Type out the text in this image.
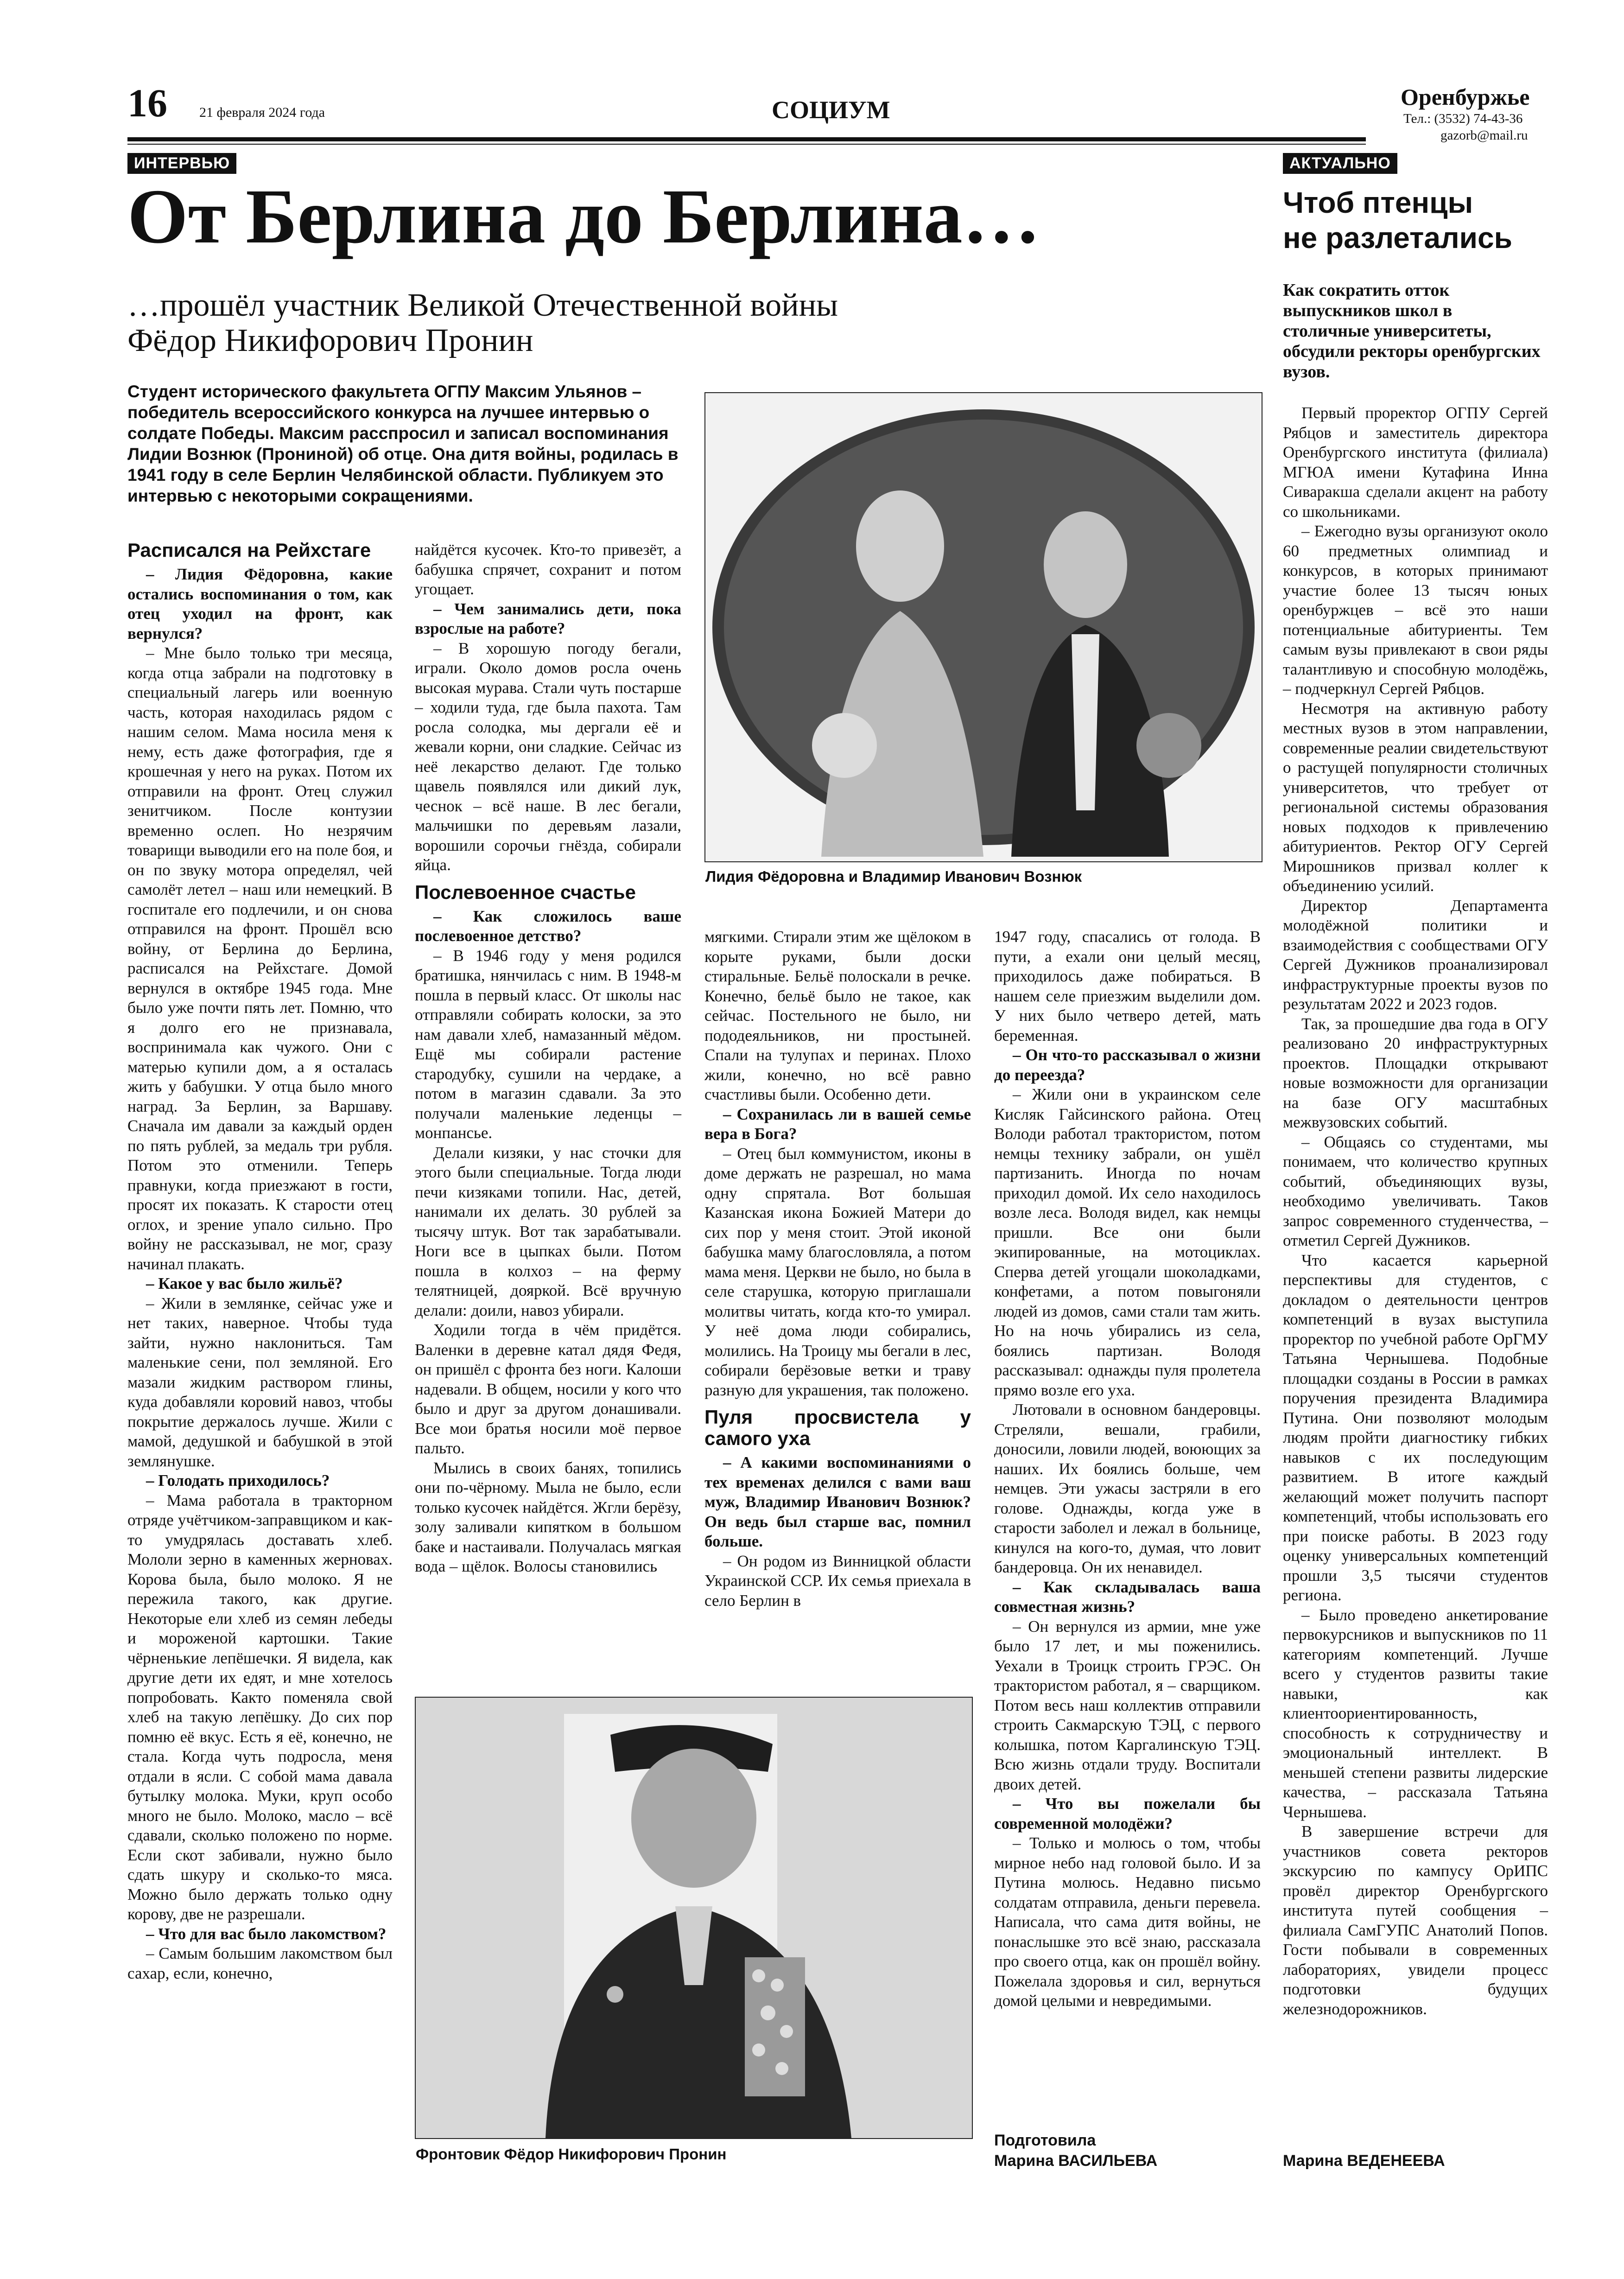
16 21 февраля 2024 года	СОЦИУМ	Оренбуржье
Тел.: (3532) 74-43-36
gazorb@mail.ru
ИНТЕРВЬЮ
От Берлина до Берлина…
…прошёл участник Великой Отечественной войны
Фёдор Никифорович Пронин
Студент исторического факультета ОГПУ Максим Ульянов – победитель всероссийского конкурса на лучшее интервью о солдате Победы. Максим расспросил и записал воспоминания Лидии Вознюк (Прониной) об отце. Она дитя войны, родилась в 1941 году в селе Берлин Челябинской области. Публикуем это интервью с некоторыми сокращениями.
Лидия Фёдоровна и Владимир Иванович Вознюк
Расписался на Рейхстаге

– Лидия Фёдоровна, какие остались воспоминания о том, как отец уходил на фронт, как вернулся?

– Мне было только три месяца, когда отца забрали на подготовку в специальный лагерь или военную часть, которая находилась рядом с нашим селом. Мама носила меня к нему, есть даже фотография, где я крошечная у него на руках. Потом их отправили на фронт. Отец служил зенитчиком. После контузии временно ослеп. Но незрячим товарищи выводили его на поле боя, и он по звуку мотора определял, чей самолёт летел – наш или немецкий. В госпитале его подлечили, и он снова отправился на фронт. Прошёл всю войну, от Берлина до Берлина, расписался на Рейхстаге. Домой вернулся в октябре 1945 года. Мне было уже почти пять лет. Помню, что я долго его не признавала, воспринимала как чужого. Они с матерью купили дом, а я осталась жить у бабушки. У отца было много наград. За Берлин, за Варшаву. Сначала им давали за каждый орден по пять рублей, за медаль три рубля. Потом это отменили. Теперь правнуки, когда приезжают в гости, просят их показать. К старости отец оглох, и зрение упало сильно. Про войну не рассказывал, не мог, сразу начинал плакать.

– Какое у вас было жильё?

– Жили в землянке, сейчас уже и нет таких, наверное. Чтобы туда зайти, нужно наклониться. Там маленькие сени, пол земляной. Его мазали жидким раствором глины, куда добавляли коровий навоз, чтобы покрытие держалось лучше. Жили с мамой, дедушкой и бабушкой в этой землянушке.

– Голодать приходилось?

– Мама работала в тракторном отряде учётчиком-заправщиком и как-то умудрялась доставать хлеб. Мололи зерно в каменных жерновах. Корова была, было молоко. Я не пережила такого, как другие. Некоторые ели хлеб из семян лебеды и мороженой картошки. Такие чёрненькие лепёшечки. Я видела, как другие дети их едят, и мне хотелось попробовать. Както поменяла свой хлеб на такую лепёшку. До сих пор помню её вкус. Есть я её, конечно, не стала. Когда чуть подросла, меня отдали в ясли. С собой мама давала бутылку молока. Муки, круп особо много не было. Молоко, масло – всё сдавали, сколько положено по норме. Если скот забивали, нужно было сдать шкуру и сколько-то мяса. Можно было держать только одну корову, две не разрешали.

– Что для вас было лакомством?

– Самым большим лакомством был сахар, если, конечно,

найдётся кусочек. Кто-то привезёт, а бабушка спрячет, сохранит и потом угощает.

– Чем занимались дети, пока взрослые на работе?

– В хорошую погоду бегали, играли. Около домов росла очень высокая мурава. Стали чуть постарше – ходили туда, где была пахота. Там росла солодка, мы дергали её и жевали корни, они сладкие. Сейчас из неё лекарство делают. Где только щавель появлялся или дикий лук, чеснок – всё наше. В лес бегали, мальчишки по деревьям лазали, ворошили сорочьи гнёзда, собирали яйца.

Послевоенное счастье

– Как сложилось ваше послевоенное детство?

– В 1946 году у меня родился братишка, нянчилась с ним. В 1948-м пошла в первый класс. От школы нас отправляли собирать колоски, за это нам давали хлеб, намазанный мёдом. Ещё мы собирали растение стародубку, сушили на чердаке, а потом в магазин сдавали. За это получали маленькие леденцы – монпансье.

Делали кизяки, у нас сточки для этого были специальные. Тогда люди печи кизяками топили. Нас, детей, нанимали их делать. 30 рублей за тысячу штук. Вот так зарабатывали. Ноги все в цыпках были. Потом пошла в колхоз – на ферму телятницей, дояркой. Всё вручную делали: доили, навоз убирали.

Ходили тогда в чём придётся. Валенки в деревне катал дядя Федя, он пришёл с фронта без ноги. Калоши надевали. В общем, носили у кого что было и друг за другом донашивали. Все мои братья носили моё первое пальто.

Мылись в своих банях, топились они по-чёрному. Мыла не было, если только кусочек найдётся. Жгли берёзу, золу заливали кипятком в большом баке и настаивали. Получалась мягкая вода – щёлок. Волосы становились

мягкими. Стирали этим же щёлоком в корыте руками, были доски стиральные. Бельё полоскали в речке. Конечно, бельё было не такое, как сейчас. Постельного не было, ни пододеяльников, ни простыней. Спали на тулупах и перинах. Плохо жили, конечно, но всё равно счастливы были. Особенно дети.

– Сохранилась ли в вашей семье вера в Бога?

– Отец был коммунистом, иконы в доме держать не разрешал, но мама одну спрятала. Вот большая Казанская икона Божией Матери до сих пор у меня стоит. Этой иконой бабушка маму благословляла, а потом мама меня. Церкви не было, но была в селе старушка, которую приглашали молитвы читать, когда кто-то умирал. У неё дома люди собирались, молились. На Троицу мы бегали в лес, собирали берёзовые ветки и траву разную для украшения, так положено.

Пуля просвистела у самого уха

– А какими воспоминаниями о тех временах делился с вами ваш муж, Владимир Иванович Вознюк? Он ведь был старше вас, помнил больше.

– Он родом из Винницкой области Украинской ССР. Их семья приехала в село Берлин в

1947 году, спасались от голода. В пути, а ехали они целый месяц, приходилось даже побираться. В нашем селе приезжим выделили дом. У них было четверо детей, мать беременная.

– Он что-то рассказывал о жизни до переезда?

– Жили они в украинском селе Кисляк Гайсинского района. Отец Володи работал трактористом, потом немцы технику забрали, он ушёл партизанить. Иногда по ночам приходил домой. Их село находилось возле леса. Володя видел, как немцы пришли. Все они были экипированные, на мотоциклах. Сперва детей угощали шоколадками, конфетами, а потом повыгоняли людей из домов, сами стали там жить. Но на ночь убирались из села, боялись партизан. Володя рассказывал: однажды пуля пролетела прямо возле его уха.

Лютовали в основном бандеровцы. Стреляли, вешали, грабили, доносили, ловили людей, воюющих за наших. Их боялись больше, чем немцев. Эти ужасы застряли в его голове. Однажды, когда уже в старости заболел и лежал в больнице, кинулся на кого-то, думая, что ловит бандеровца. Он их ненавидел.

– Как складывалась ваша совместная жизнь?

– Он вернулся из армии, мне уже было 17 лет, и мы поженились. Уехали в Троицк строить ГРЭС. Он трактористом работал, я – сварщиком. Потом весь наш коллектив отправили строить Сакмарскую ТЭЦ, с первого колышка, потом Каргалинскую ТЭЦ. Всю жизнь отдали труду. Воспитали двоих детей.

– Что вы пожелали бы современной молодёжи?

– Только и молюсь о том, чтобы мирное небо над головой было. И за Путина молюсь. Недавно письмо солдатам отправила, деньги перевела. Написала, что сама дитя войны, не понаслышке это всё знаю, рассказала про своего отца, как он прошёл войну. Пожелала здоровья и сил, вернуться домой целыми и невредимыми.

Подготовила
Марина ВАСИЛЬЕВА
Фронтовик Фёдор Никифорович Пронин
АКТУАЛЬНО
Чтоб птенцы
не разлетались
Как сократить отток выпускников школ в столичные университеты, обсудили ректоры оренбургских вузов.

Первый проректор ОГПУ Сергей Рябцов и заместитель директора Оренбургского института (филиала) МГЮА имени Кутафина Инна Сиваракша сделали акцент на работу со школьниками.

– Ежегодно вузы организуют около 60 предметных олимпиад и конкурсов, в которых принимают участие более 13 тысяч юных оренбуржцев – всё это наши потенциальные абитуриенты. Тем самым вузы привлекают в свои ряды талантливую и способную молодёжь, – подчеркнул Сергей Рябцов.

Несмотря на активную работу местных вузов в этом направлении, современные реалии свидетельствуют о растущей популярности столичных университетов, что требует от региональной системы образования новых подходов к привлечению абитуриентов. Ректор ОГУ Сергей Мирошников призвал коллег к объединению усилий.

Директор Департамента молодёжной политики и взаимодействия с сообществами ОГУ Сергей Дужников проанализировал инфраструктурные проекты вузов по результатам 2022 и 2023 годов.

Так, за прошедшие два года в ОГУ реализовано 20 инфраструктурных проектов. Площадки открывают новые возможности для организации на базе ОГУ масштабных межвузовских событий.

– Общаясь со студентами, мы понимаем, что количество крупных событий, объединяющих вузы, необходимо увеличивать. Таков запрос современного студенчества, – отметил Сергей Дужников.

Что касается карьерной перспективы для студентов, с докладом о деятельности центров компетенций в вузах выступила проректор по учебной работе ОрГМУ Татьяна Чернышева. Подобные площадки созданы в России в рамках поручения президента Владимира Путина. Они позволяют молодым людям пройти диагностику гибких навыков с их последующим развитием. В итоге каждый желающий может получить паспорт компетенций, чтобы использовать его при поиске работы. В 2023 году оценку универсальных компетенций прошли 3,5 тысячи студентов региона.

– Было проведено анкетирование первокурсников и выпускников по 11 категориям компетенций. Лучше всего у студентов развиты такие навыки, как клиентоориентированность, способность к сотрудничеству и эмоциональный интеллект. В меньшей степени развиты лидерские качества, – рассказала Татьяна Чернышева.

В завершение встречи для участников совета ректоров экскурсию по кампусу ОрИПС провёл директор Оренбургского института путей сообщения – филиала СамГУПС Анатолий Попов. Гости побывали в современных лабораториях, увидели процесс подготовки будущих железнодорожников.

Марина ВЕДЕНЕЕВА
